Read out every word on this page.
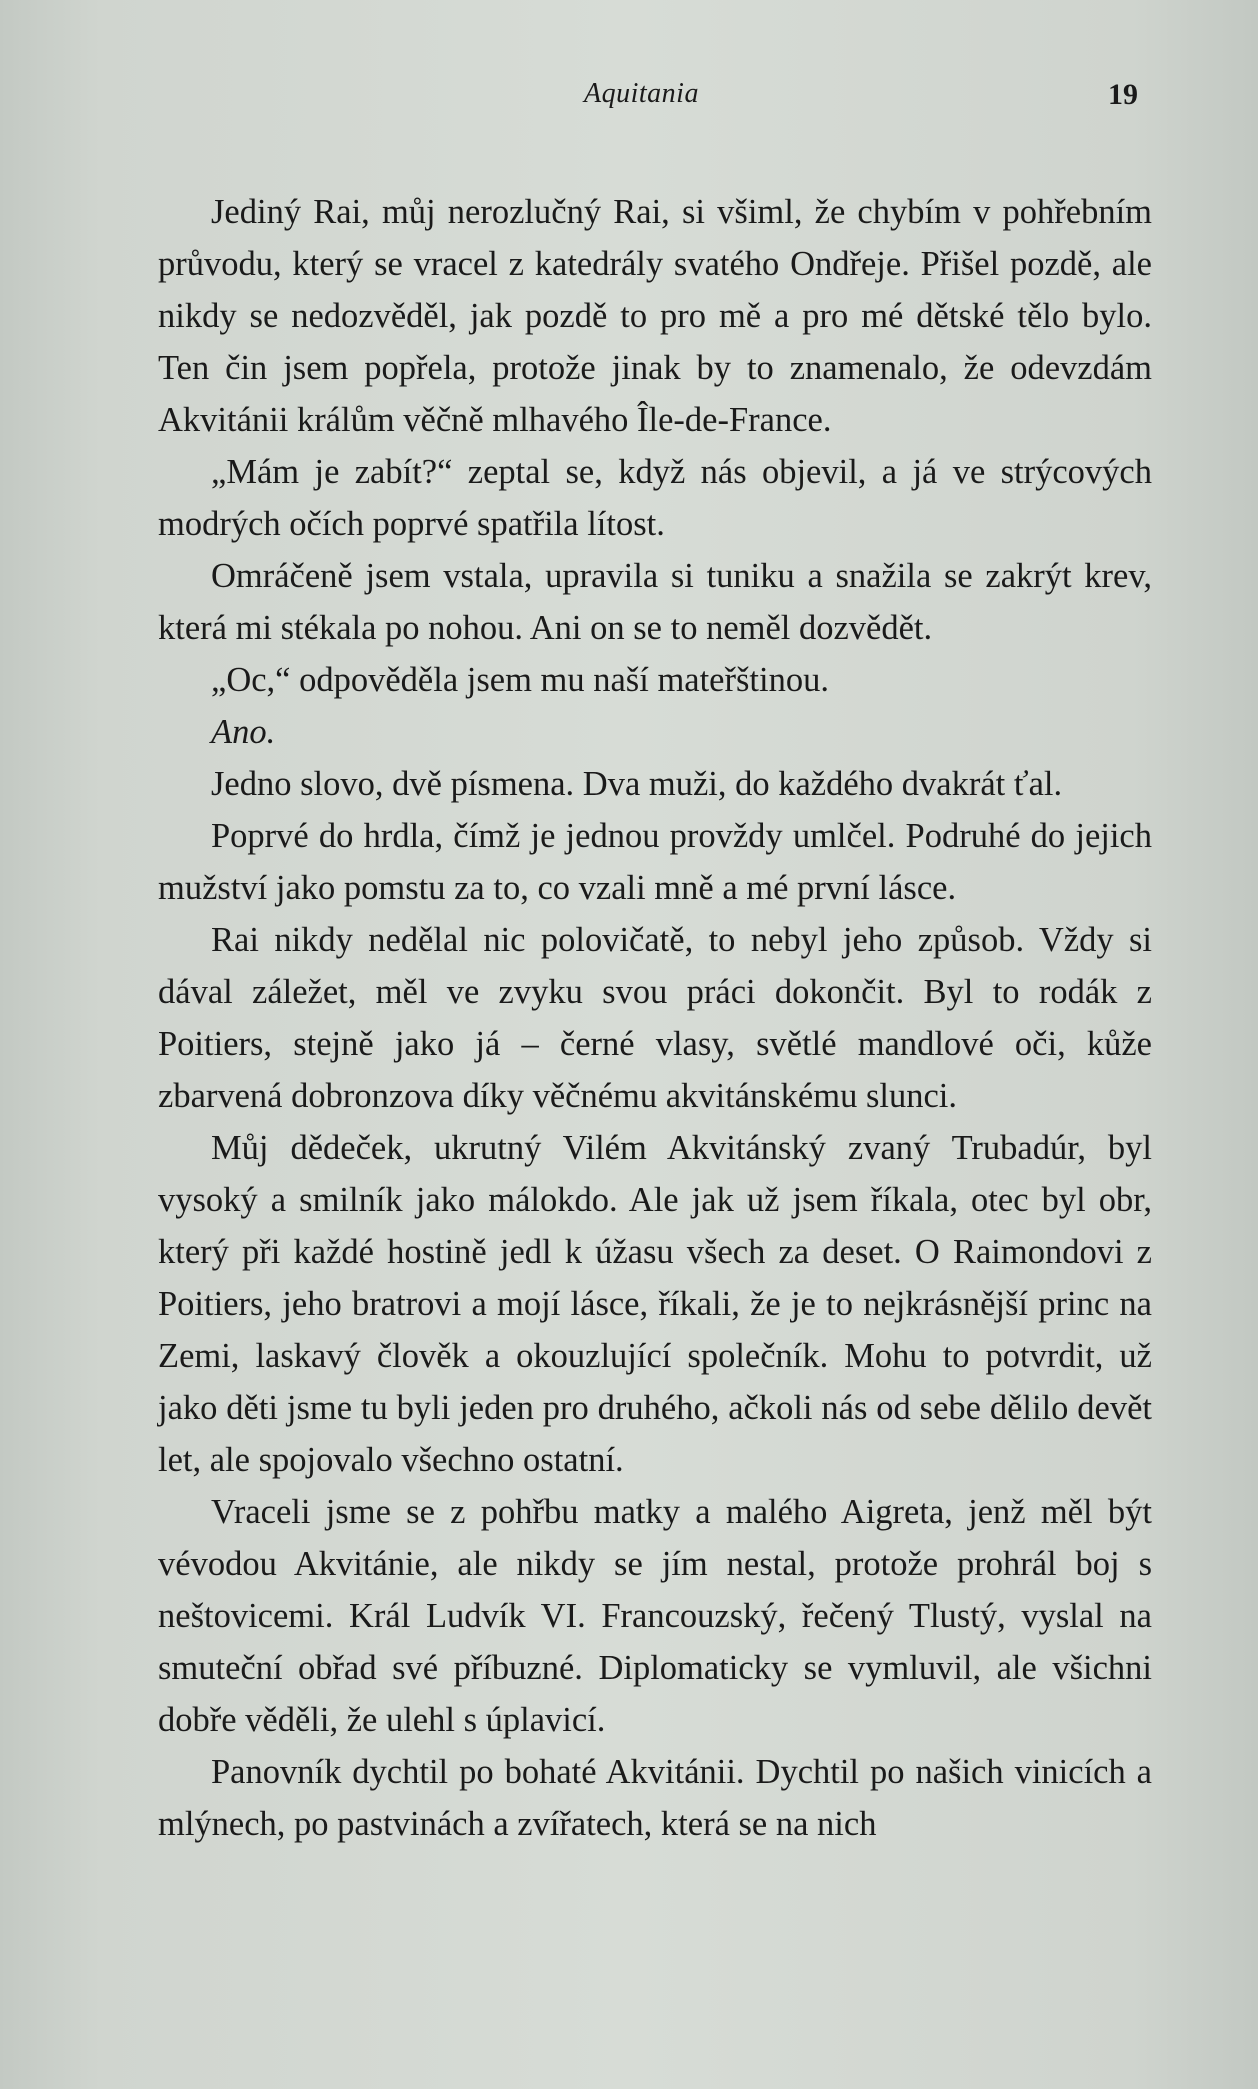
Aquitania	19

Jediný Rai, můj nerozlučný Rai, si všiml, že chybím v pohřebním průvodu, který se vracel z katedrály svatého Ondřeje. Přišel pozdě, ale nikdy se nedozvěděl, jak pozdě to pro mě a pro mé dětské tělo bylo. Ten čin jsem popřela, protože jinak by to znamenalo, že odevzdám Akvitánii králům věčně mlhavého Île-de-France.

„Mám je zabít?“ zeptal se, když nás objevil, a já ve strýcových modrých očích poprvé spatřila lítost.

Omráčeně jsem vstala, upravila si tuniku a snažila se zakrýt krev, která mi stékala po nohou. Ani on se to neměl dozvědět.

„Oc,“ odpověděla jsem mu naší mateřštinou.

Ano.

Jedno slovo, dvě písmena. Dva muži, do každého dvakrát ťal.

Poprvé do hrdla, čímž je jednou provždy umlčel. Podruhé do jejich mužství jako pomstu za to, co vzali mně a mé první lásce.

Rai nikdy nedělal nic polovičatě, to nebyl jeho způsob. Vždy si dával záležet, měl ve zvyku svou práci dokončit. Byl to rodák z Poitiers, stejně jako já – černé vlasy, světlé mandlové oči, kůže zbarvená dobronzova díky věčnému akvitánskému slunci.

Můj dědeček, ukrutný Vilém Akvitánský zvaný Trubadúr, byl vysoký a smilník jako málokdo. Ale jak už jsem říkala, otec byl obr, který při každé hostině jedl k úžasu všech za deset. O Raimondovi z Poitiers, jeho bratrovi a mojí lásce, říkali, že je to nejkrásnější princ na Zemi, laskavý člověk a okouzlující společník. Mohu to potvrdit, už jako děti jsme tu byli jeden pro druhého, ačkoli nás od sebe dělilo devět let, ale spojovalo všechno ostatní.

Vraceli jsme se z pohřbu matky a malého Aigreta, jenž měl být vévodou Akvitánie, ale nikdy se jím nestal, protože prohrál boj s neštovicemi. Král Ludvík VI. Francouzský, řečený Tlustý, vyslal na smuteční obřad své příbuzné. Diplomaticky se vymluvil, ale všichni dobře věděli, že ulehl s úplavicí.

Panovník dychtil po bohaté Akvitánii. Dychtil po našich vinicích a mlýnech, po pastvinách a zvířatech, která se na nich
